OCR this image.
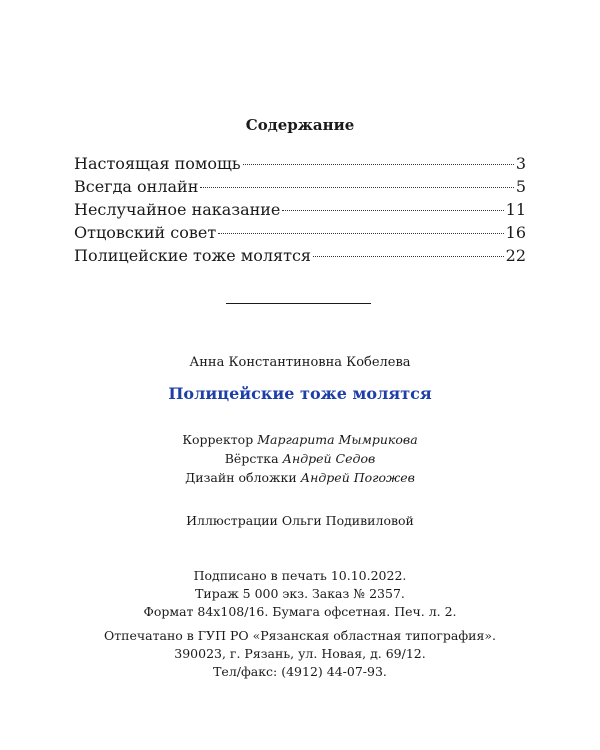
Содержание
Настоящая помощь	3
Всегда онлайн	5
Неслучайное наказание	11
Отцовский совет	16
Полицейские тоже молятся	22
Анна Константиновна Кобелева
Полицейские тоже молятся
Корректор Маргарита Мымрикова
Вёрстка Андрей Седов
Дизайн обложки Андрей Погожев
Иллюстрации Ольги Подивиловой
Подписано в печать 10.10.2022.
Тираж 5 000 экз. Заказ № 2357.
Формат 84x108/16. Бумага офсетная. Печ. л. 2.
Отпечатано в ГУП РО «Рязанская областная типография».
390023, г. Рязань, ул. Новая, д. 69/12.
Тел/факс: (4912) 44-07-93.
